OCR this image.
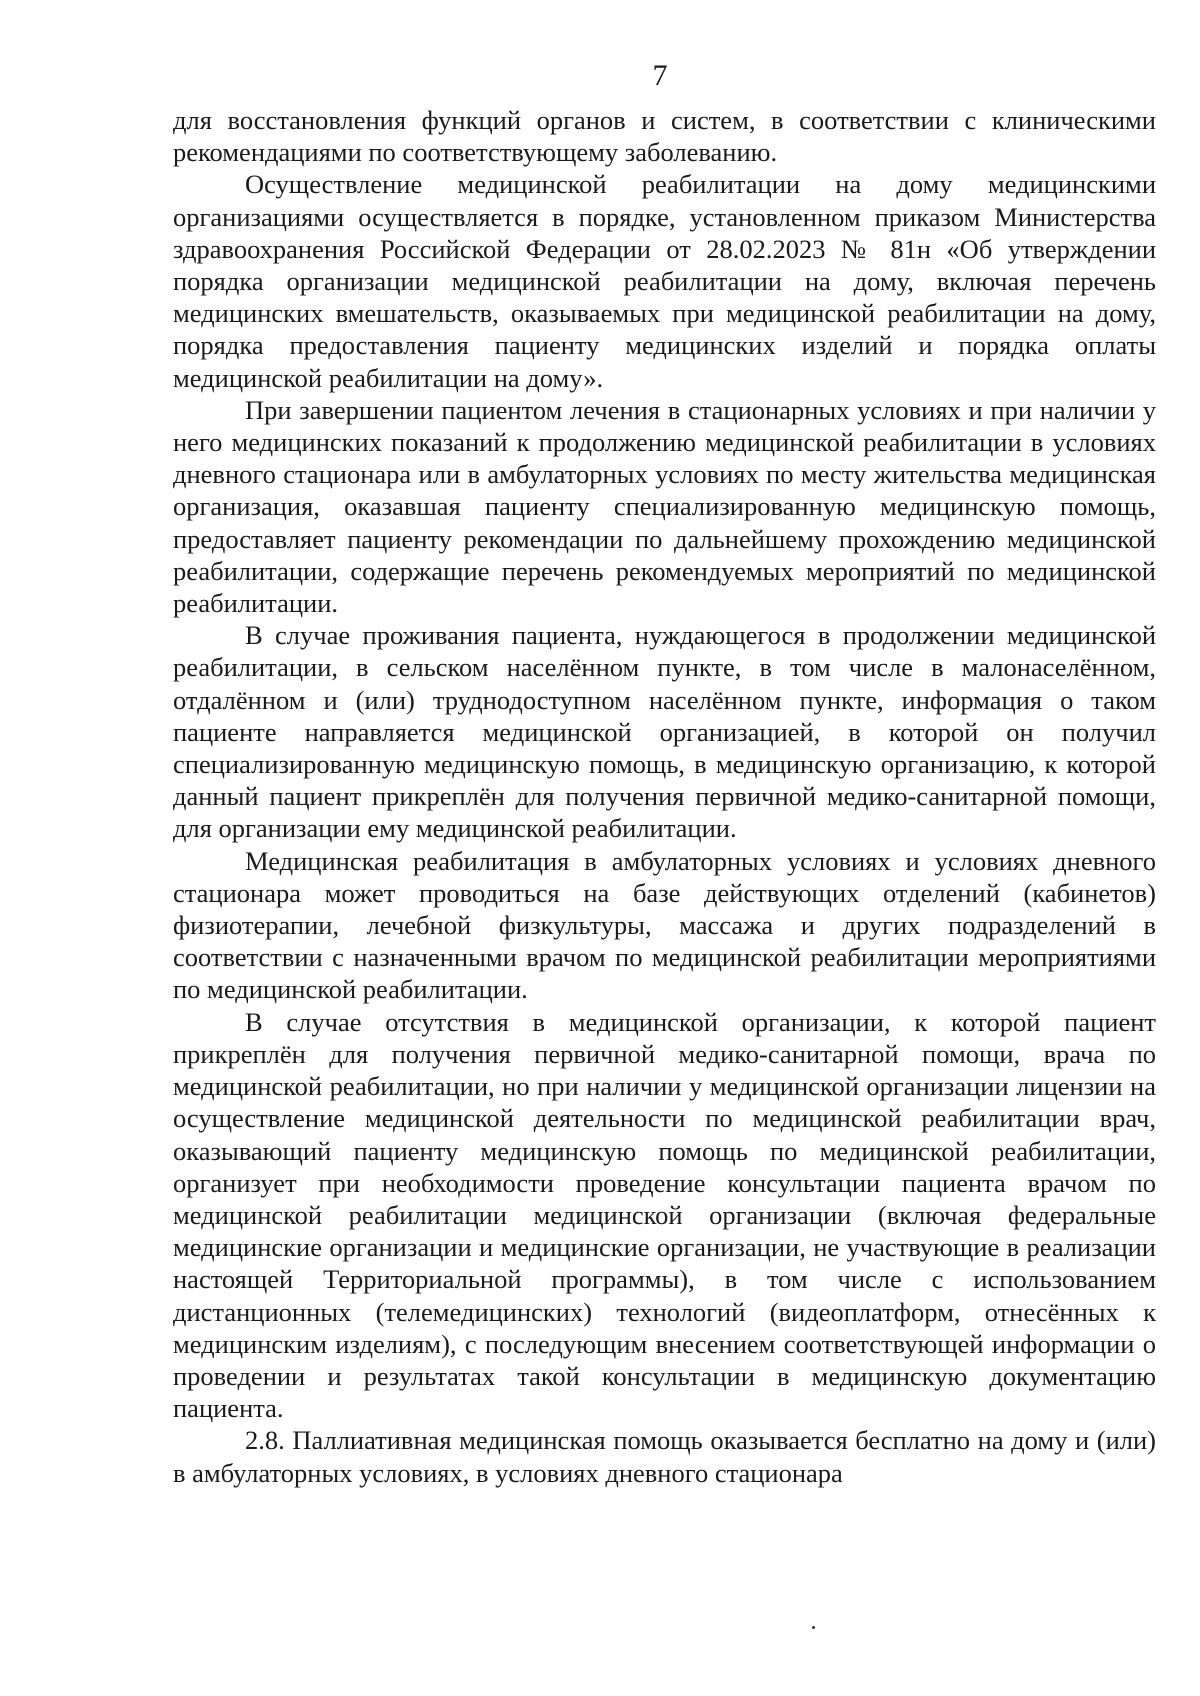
7

для восстановления функций органов и систем, в соответствии с клиническими рекомендациями по соответствующему заболеванию.

Осуществление медицинской реабилитации на дому медицинскими организациями осуществляется в порядке, установленном приказом Министерства здравоохранения Российской Федерации от 28.02.2023 № 81н «Об утверждении порядка организации медицинской реабилитации на дому, включая перечень медицинских вмешательств, оказываемых при медицинской реабилитации на дому, порядка предоставления пациенту медицинских изделий и порядка оплаты медицинской реабилитации на дому».

При завершении пациентом лечения в стационарных условиях и при наличии у него медицинских показаний к продолжению медицинской реабилитации в условиях дневного стационара или в амбулаторных условиях по месту жительства медицинская организация, оказавшая пациенту специализированную медицинскую помощь, предоставляет пациенту рекомендации по дальнейшему прохождению медицинской реабилитации, содержащие перечень рекомендуемых мероприятий по медицинской реабилитации.

В случае проживания пациента, нуждающегося в продолжении медицинской реабилитации, в сельском населённом пункте, в том числе в малонаселённом, отдалённом и (или) труднодоступном населённом пункте, информация о таком пациенте направляется медицинской организацией, в которой он получил специализированную медицинскую помощь, в медицинскую организацию, к которой данный пациент прикреплён для получения первичной медико-санитарной помощи, для организации ему медицинской реабилитации.

Медицинская реабилитация в амбулаторных условиях и условиях дневного стационара может проводиться на базе действующих отделений (кабинетов) физиотерапии, лечебной физкультуры, массажа и других подразделений в соответствии с назначенными врачом по медицинской реабилитации мероприятиями по медицинской реабилитации.

В случае отсутствия в медицинской организации, к которой пациент прикреплён для получения первичной медико-санитарной помощи, врача по медицинской реабилитации, но при наличии у медицинской организации лицензии на осуществление медицинской деятельности по медицинской реабилитации врач, оказывающий пациенту медицинскую помощь по медицинской реабилитации, организует при необходимости проведение консультации пациента врачом по медицинской реабилитации медицинской организации (включая федеральные медицинские организации и медицинские организации, не участвующие в реализации настоящей Территориальной программы), в том числе с использованием дистанционных (телемедицинских) технологий (видеоплатформ, отнесённых к медицинским изделиям), с последующим внесением соответствующей информации о проведении и результатах такой консультации в медицинскую документацию пациента.

2.8. Паллиативная медицинская помощь оказывается бесплатно на дому и (или) в амбулаторных условиях, в условиях дневного стационара
